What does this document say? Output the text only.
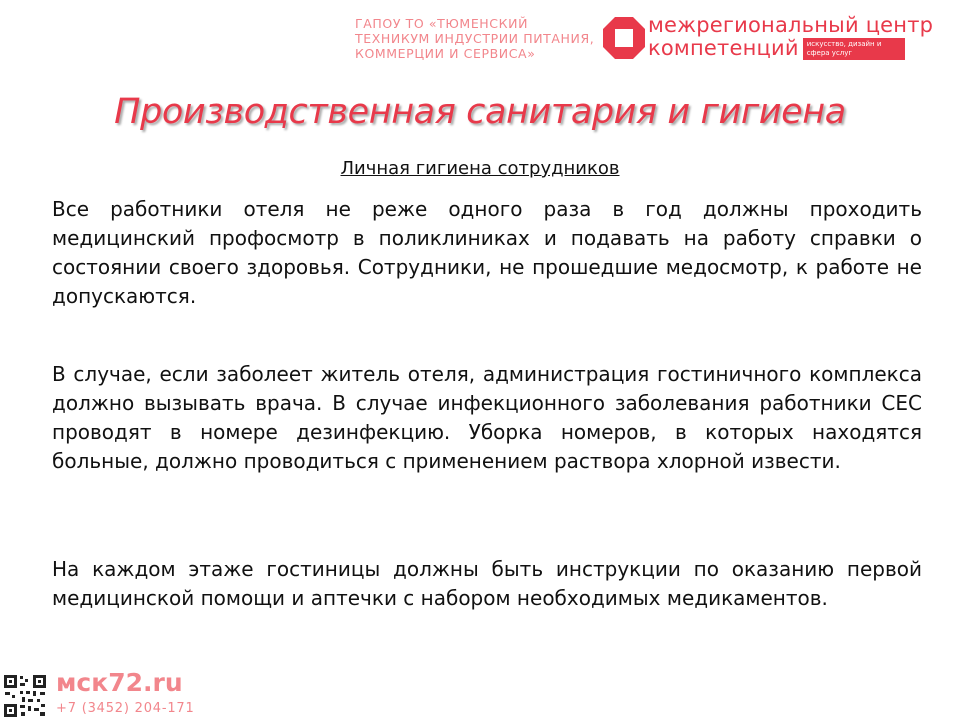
ГАПОУ ТО «ТЮМЕНСКИЙ
ТЕХНИКУМ ИНДУСТРИИ ПИТАНИЯ,
КОММЕРЦИИ И СЕРВИСА»
межрегиональный центр
компетенций	искусство, дизайн и сфера услуг
Производственная санитария и гигиена

Личная гигиена сотрудников

Все работники отеля не реже одного раза в год должны проходить медицинский профосмотр в поликлиниках и подавать на работу справки о состоянии своего здоровья. Сотрудники, не прошедшие медосмотр, к работе не допускаются.

В случае, если заболеет житель отеля, администрация гостиничного комплекса должно вызывать врача. В случае инфекционного заболевания работники СЕС проводят в номере дезинфекцию. Уборка номеров, в которых находятся больные, должно проводиться с применением раствора хлорной извести.

На каждом этаже гостиницы должны быть инструкции по оказанию первой медицинской помощи и аптечки с набором необходимых медикаментов.

мск72.ru
+7 (3452) 204-171
